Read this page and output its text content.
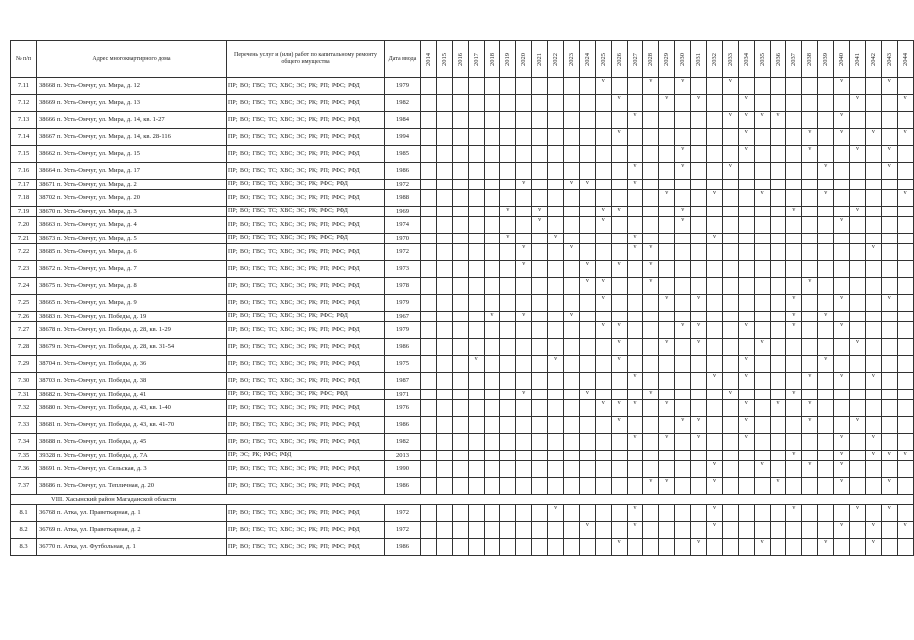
№ п/п	Адрес многоквартирного дома	Перечень услуг и (или) работ по капитальному ремонту общего имущества	Дата ввода	2014	2015	2016	2017	2018	2019	2020	2021	2022	2023	2024	2025	2026	2027	2028	2029	2030	2031	2032	2033	2034	2035	2036	2037	2038	2039	2040	2041	2042	2043	2044

7.11	38668 п. Усть-Омчуг, ул. Мира, д. 12	ПР; ВО; ГВС; ТС; ХВС; ЭС; РК; РП; РФС; РФД	1979												v			v		v			v							v			v	
7.12	38669 п. Усть-Омчуг, ул. Мира, д. 13	ПР; ВО; ГВС; ТС; ХВС; ЭС; РК; РП; РФС; РФД	1982													v			v		v			v							v			v
7.13	38666 п. Усть-Омчуг, ул. Мира, д. 14, кв. 1-27	ПР; ВО; ГВС; ТС; ХВС; ЭС; РК; РП; РФС; РФД	1984														v						v	v	v	v				v				
7.14	38667 п. Усть-Омчуг, ул. Мира, д. 14, кв. 28-116	ПР; ВО; ГВС; ТС; ХВС; ЭС; РК; РП; РФС; РФД	1994													v								v				v		v		v		v
7.15	38662 п. Усть-Омчуг, ул. Мира, д. 15	ПР; ВО; ГВС; ТС; ХВС; ЭС; РК; РП; РФС; РФД	1985																	v				v				v			v		v	
7.16	38664 п. Усть-Омчуг, ул. Мира, д. 17	ПР; ВО; ГВС; ТС; ХВС; ЭС; РК; РП; РФС; РФД	1986														v			v			v						v				v	
7.17	38671 п. Усть-Омчуг, ул. Мира, д. 2	ПР; ВО; ГВС; ТС; ХВС; ЭС; РК; РФС; РФД	1972							v			v	v			v																	
7.18	38702 п. Усть-Омчуг, ул. Мира, д. 20	ПР; ВО; ГВС; ТС; ХВС; ЭС; РК; РП; РФС; РФД	1988																v			v			v				v					v
7.19	38670 п. Усть-Омчуг, ул. Мира, д. 3	ПР; ВО; ГВС; ТС; ХВС; ЭС; РК; РФС; РФД	1969						v		v				v	v				v							v				v			
7.20	38663 п. Усть-Омчуг, ул. Мира, д. 4	ПР; ВО; ГВС; ТС; ХВС; ЭС; РК; РП; РФС; РФД	1974								v				v					v										v				
7.21	38673 п. Усть-Омчуг, ул. Мира, д. 5	ПР; ВО; ГВС; ТС; ХВС; ЭС; РК; РФС; РФД	1970						v			v					v					v												
7.22	38685 п. Усть-Омчуг, ул. Мира, д. 6	ПР; ВО; ГВС; ТС; ХВС; ЭС; РК; РП; РФС; РФД	1972							v			v				v	v														v		
7.23	38672 п. Усть-Омчуг, ул. Мира, д. 7	ПР; ВО; ГВС; ТС; ХВС; ЭС; РК; РП; РФС; РФД	1973							v				v		v		v																
7.24	38675 п. Усть-Омчуг, ул. Мира, д. 8	ПР; ВО; ГВС; ТС; ХВС; ЭС; РК; РП; РФС; РФД	1978											v	v			v										v						
7.25	38665 п. Усть-Омчуг, ул. Мира, д. 9	ПР; ВО; ГВС; ТС; ХВС; ЭС; РК; РП; РФС; РФД	1979												v				v		v						v			v			v	
7.26	38683 п. Усть-Омчуг, ул. Победы, д. 19	ПР; ВО; ГВС; ТС; ХВС; ЭС; РК; РФС; РФД	1967					v		v			v														v		v					
7.27	38678 п. Усть-Омчуг, ул. Победы, д. 28, кв. 1-29	ПР; ВО; ГВС; ТС; ХВС; ЭС; РК; РП; РФС; РФД	1979												v	v				v	v			v			v			v				
7.28	38679 п. Усть-Омчуг, ул. Победы, д. 28, кв. 31-54	ПР; ВО; ГВС; ТС; ХВС; ЭС; РК; РП; РФС; РФД	1986													v			v		v				v						v			
7.29	38704 п. Усть-Омчуг, ул. Победы, д. 36	ПР; ВО; ГВС; ТС; ХВС; ЭС; РК; РП; РФС; РФД	1975				v					v				v								v					v					
7.30	38703 п. Усть-Омчуг, ул. Победы, д. 38	ПР; ВО; ГВС; ТС; ХВС; ЭС; РК; РП; РФС; РФД	1987														v					v		v				v		v		v		
7.31	38682 п. Усть-Омчуг, ул. Победы, д. 41	ПР; ВО; ГВС; ТС; ХВС; ЭС; РК; РФС; РФД	1971							v				v				v					v				v							
7.32	38680 п. Усть-Омчуг, ул. Победы, д. 43, кв. 1-40	ПР; ВО; ГВС; ТС; ХВС; ЭС; РК; РП; РФС; РФД	1976												v	v	v		v					v		v		v						
7.33	38681 п. Усть-Омчуг, ул. Победы, д. 43, кв. 41-70	ПР; ВО; ГВС; ТС; ХВС; ЭС; РК; РП; РФС; РФД	1986													v				v	v			v				v			v			
7.34	38688 п. Усть-Омчуг, ул. Победы, д. 45	ПР; ВО; ГВС; ТС; ХВС; ЭС; РК; РП; РФС; РФД	1982														v		v		v			v						v		v		
7.35	39328 п. Усть-Омчуг, ул. Победы, д. 7А	ПР; ЭС; РК; РФС; РФД	2013																								v			v		v	v	v
7.36	38691 п. Усть-Омчуг, ул. Сельская, д. 3	ПР; ВО; ГВС; ТС; ХВС; ЭС; РК; РП; РФС; РФД	1990																			v			v			v		v				
7.37	38686 п. Усть-Омчуг, ул. Тепличная, д. 20	ПР; ВО; ГВС; ТС; ХВС; ЭС; РК; РП; РФС; РФД	1986															v	v			v				v				v			v	
VIII. Хасынский район Магаданской области																																		
8.1	36768 п. Атка, ул. Праветкарная, д. 1	ПР; ВО; ГВС; ТС; ХВС; ЭС; РК; РП; РФС; РФД	1972									v					v					v					v				v		v	
8.2	36769 п. Атка, ул. Праветкарная, д. 2	ПР; ВО; ГВС; ТС; ХВС; ЭС; РК; РП; РФС; РФД	1972											v			v					v								v		v		v
8.3	36770 п. Атка, ул. Футбольная, д. 1	ПР; ВО; ГВС; ТС; ХВС; ЭС; РК; РП; РФС; РФД	1986													v					v				v				v			v		
